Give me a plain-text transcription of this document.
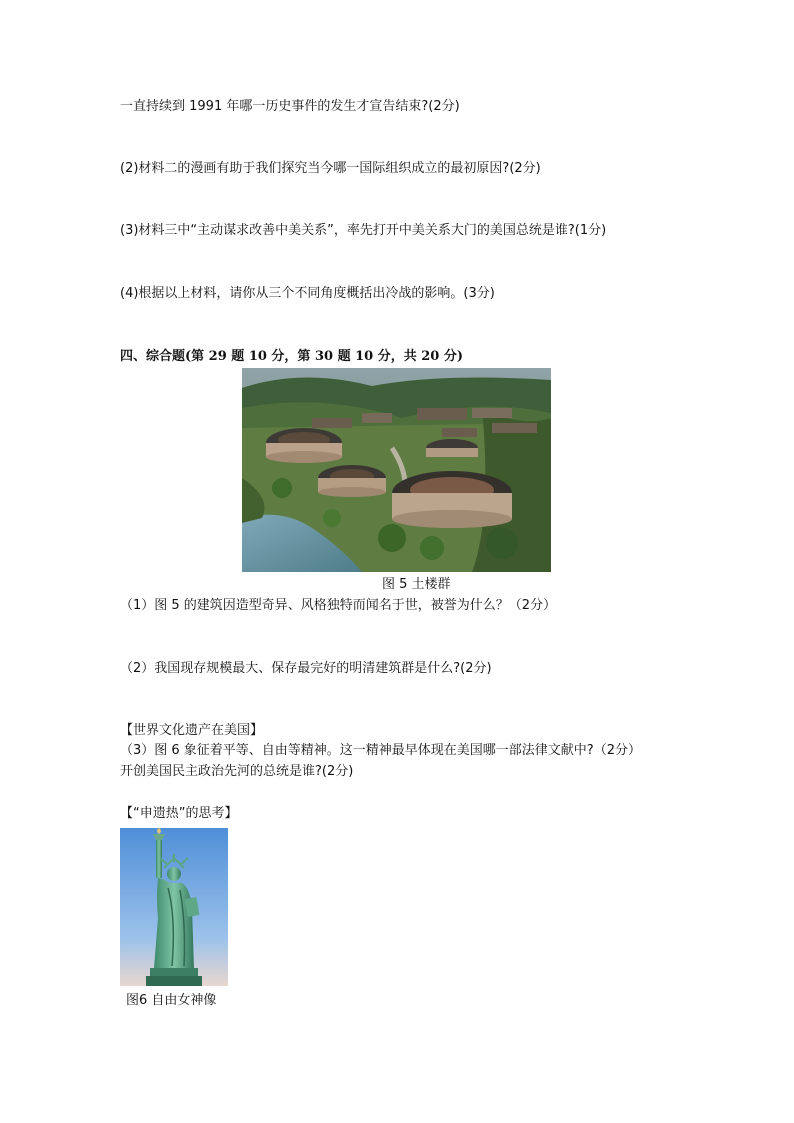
一直持续到 1991 年哪一历史事件的发生才宣告结束?(2分)
(2)材料二的漫画有助于我们探究当今哪一国际组织成立的最初原因?(2分)
(3)材料三中“主动谋求改善中美关系”，率先打开中美关系大门的美国总统是谁?(1分)
(4)根据以上材料，请你从三个不同角度概括出冷战的影响。(3分)
四、综合题(第 29 题 10 分，第 30 题 10 分，共 20 分)
图 5 土楼群
（1）图 5 的建筑因造型奇异、风格独特而闻名于世，被誉为什么？（2分）
（2）我国现存规模最大、保存最完好的明清建筑群是什么?(2分)
【世界文化遗产在美国】
（3）图 6 象征着平等、自由等精神。这一精神最早体现在美国哪一部法律文献中?（2分）
开创美国民主政治先河的总统是谁?(2分)
【“申遗热”的思考】
图6 自由女神像
